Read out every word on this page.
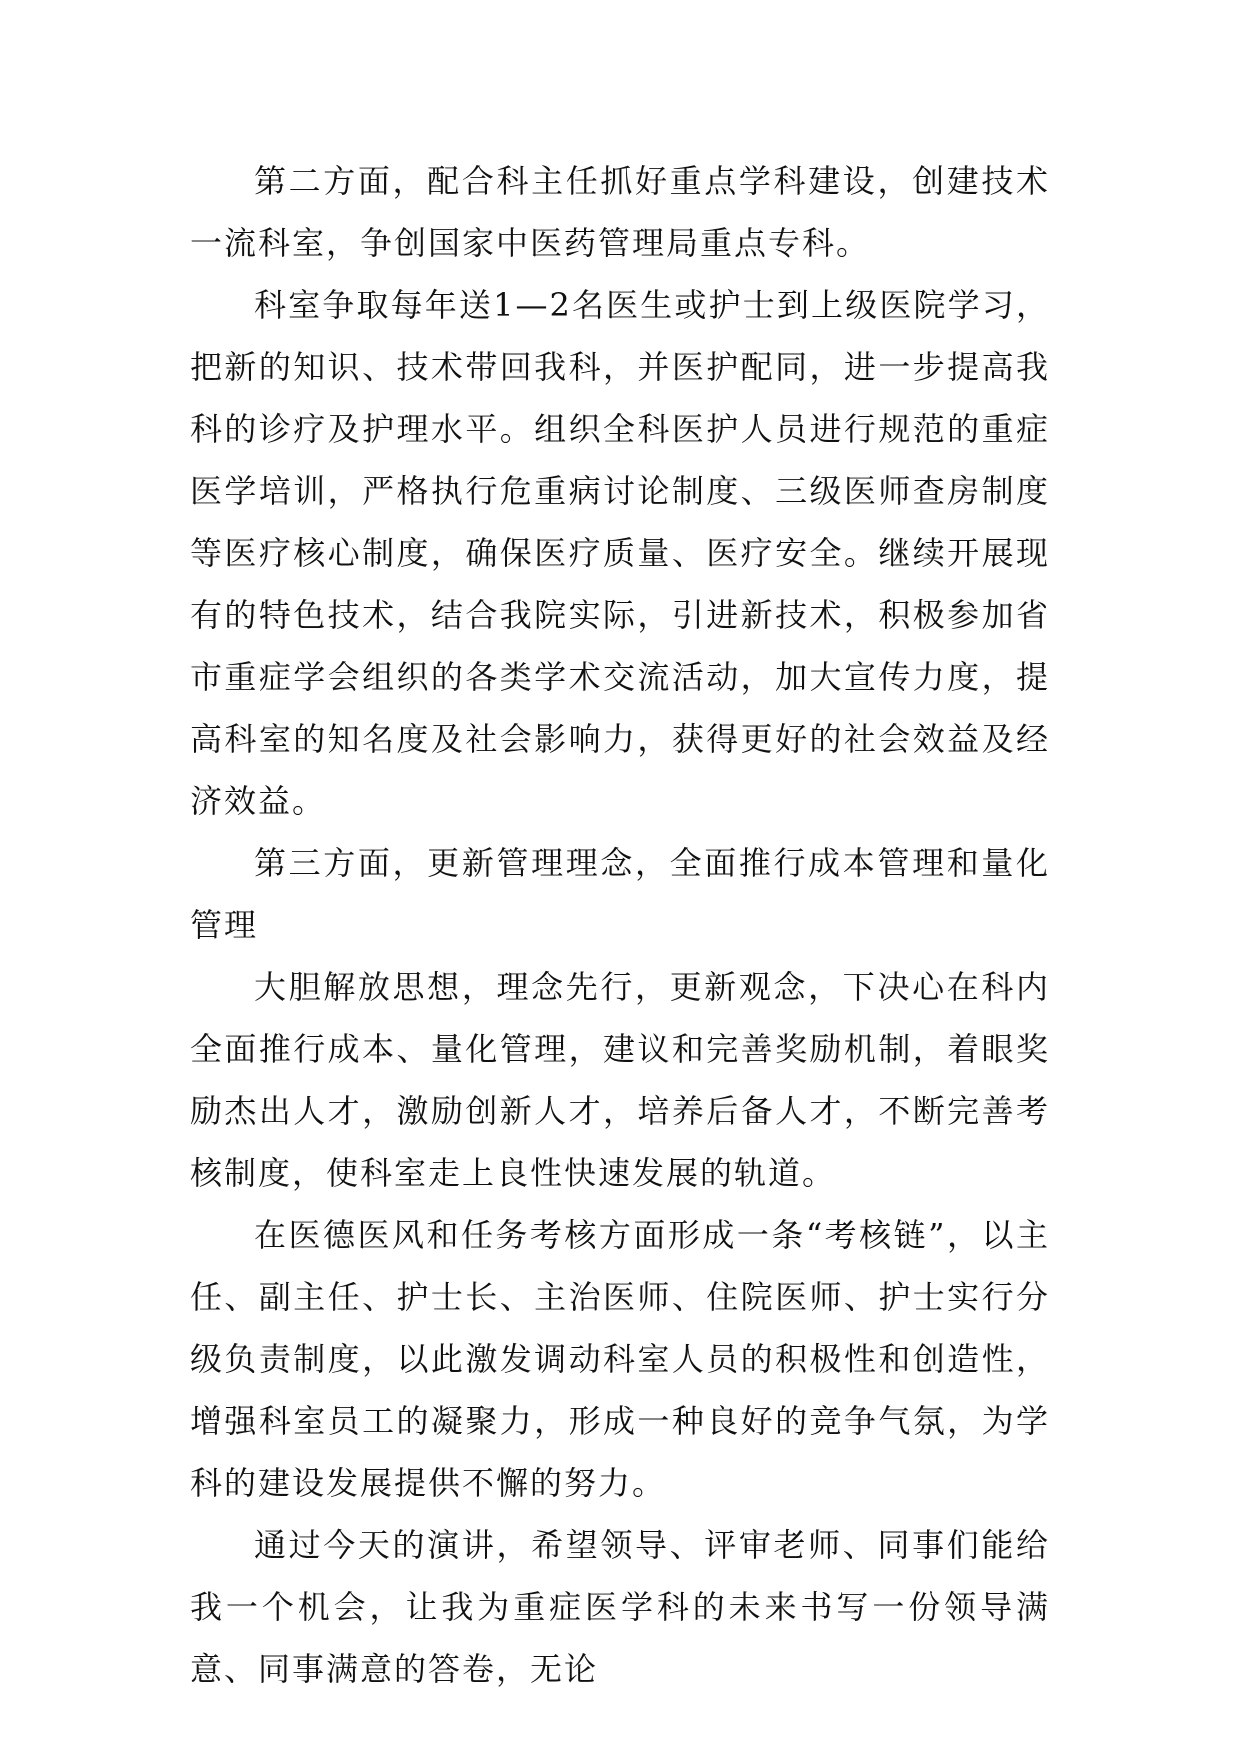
第二方面，配合科主任抓好重点学科建设，创建技术一流科室，争创国家中医药管理局重点专科。

科室争取每年送1—2名医生或护士到上级医院学习，把新的知识、技术带回我科，并医护配同，进一步提高我科的诊疗及护理水平。组织全科医护人员进行规范的重症医学培训，严格执行危重病讨论制度、三级医师查房制度等医疗核心制度，确保医疗质量、医疗安全。继续开展现有的特色技术，结合我院实际，引进新技术，积极参加省市重症学会组织的各类学术交流活动，加大宣传力度，提高科室的知名度及社会影响力，获得更好的社会效益及经济效益。

第三方面，更新管理理念，全面推行成本管理和量化管理

大胆解放思想，理念先行，更新观念，下决心在科内全面推行成本、量化管理，建议和完善奖励机制，着眼奖励杰出人才，激励创新人才，培养后备人才，不断完善考核制度，使科室走上良性快速发展的轨道。

在医德医风和任务考核方面形成一条“考核链”，以主任、副主任、护士长、主治医师、住院医师、护士实行分级负责制度，以此激发调动科室人员的积极性和创造性，增强科室员工的凝聚力，形成一种良好的竞争气氛，为学科的建设发展提供不懈的努力。

通过今天的演讲，希望领导、评审老师、同事们能给我一个机会，让我为重症医学科的未来书写一份领导满意、同事满意的答卷，无论
